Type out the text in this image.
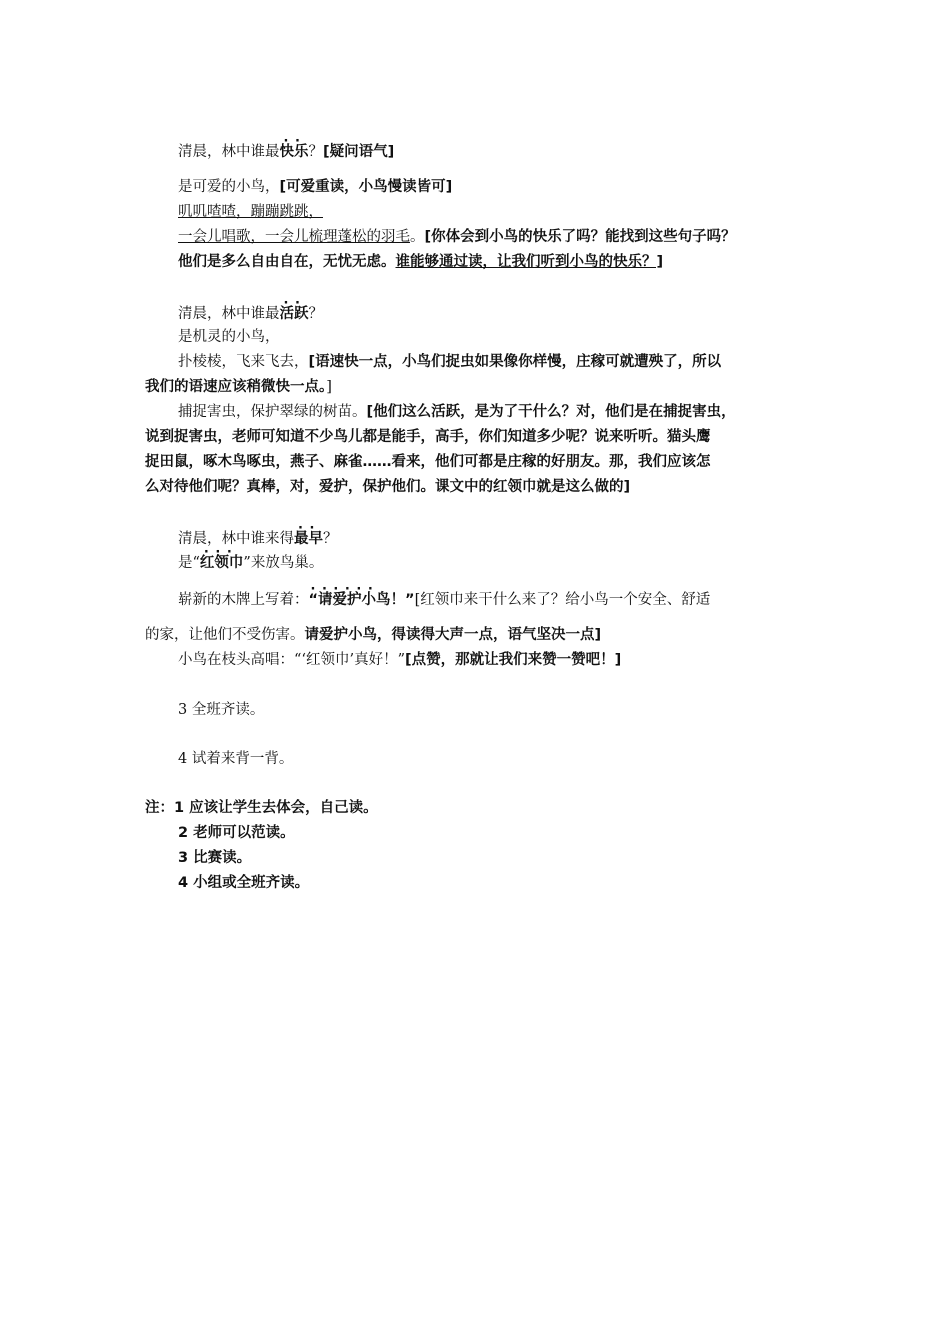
清晨，林中谁最快乐 · ·？[疑问语气]
是可爱的小鸟，[可爱重读，小鸟慢读皆可]
叽叽喳喳，蹦蹦跳跳，
一会儿唱歌，一会儿梳理蓬松的羽毛。[你体会到小鸟的快乐了吗？能找到这些句子吗？
他们是多么自由自在，无忧无虑。谁能够通过读，让我们听到小鸟的快乐？]
清晨，林中谁最活跃 · ·？
是机灵的小鸟，
扑棱棱，飞来飞去，[语速快一点，小鸟们捉虫如果像你样慢，庄稼可就遭殃了，所以
我们的语速应该稍微快一点。]
捕捉害虫，保护翠绿的树苗。[他们这么活跃，是为了干什么？对，他们是在捕捉害虫，
说到捉害虫，老师可知道不少鸟儿都是能手，高手，你们知道多少呢？说来听听。猫头鹰
捉田鼠，啄木鸟啄虫，燕子、麻雀……看来，他们可都是庄稼的好朋友。那，我们应该怎
么对待他们呢？真棒，对，爱护，保护他们。课文中的红领巾就是这么做的]
清晨，林中谁来得最早 · ·？
是“红领巾 · · ·”来放鸟巢。
崭新的木牌上写着：“请爱护小鸟！” · · ·[红领巾来干什么来了？给小鸟一个安全、舒适
的家，让他们不受伤害。请爱护小鸟，得读得大声一点，语气坚决一点]
小鸟在枝头高唱：“‘红领巾’真好！”[点赞，那就让我们来赞一赞吧！]
3 全班齐读。
4 试着来背一背。
注：1 应该让学生去体会，自己读。
2 老师可以范读。
3 比赛读。
4 小组或全班齐读。
